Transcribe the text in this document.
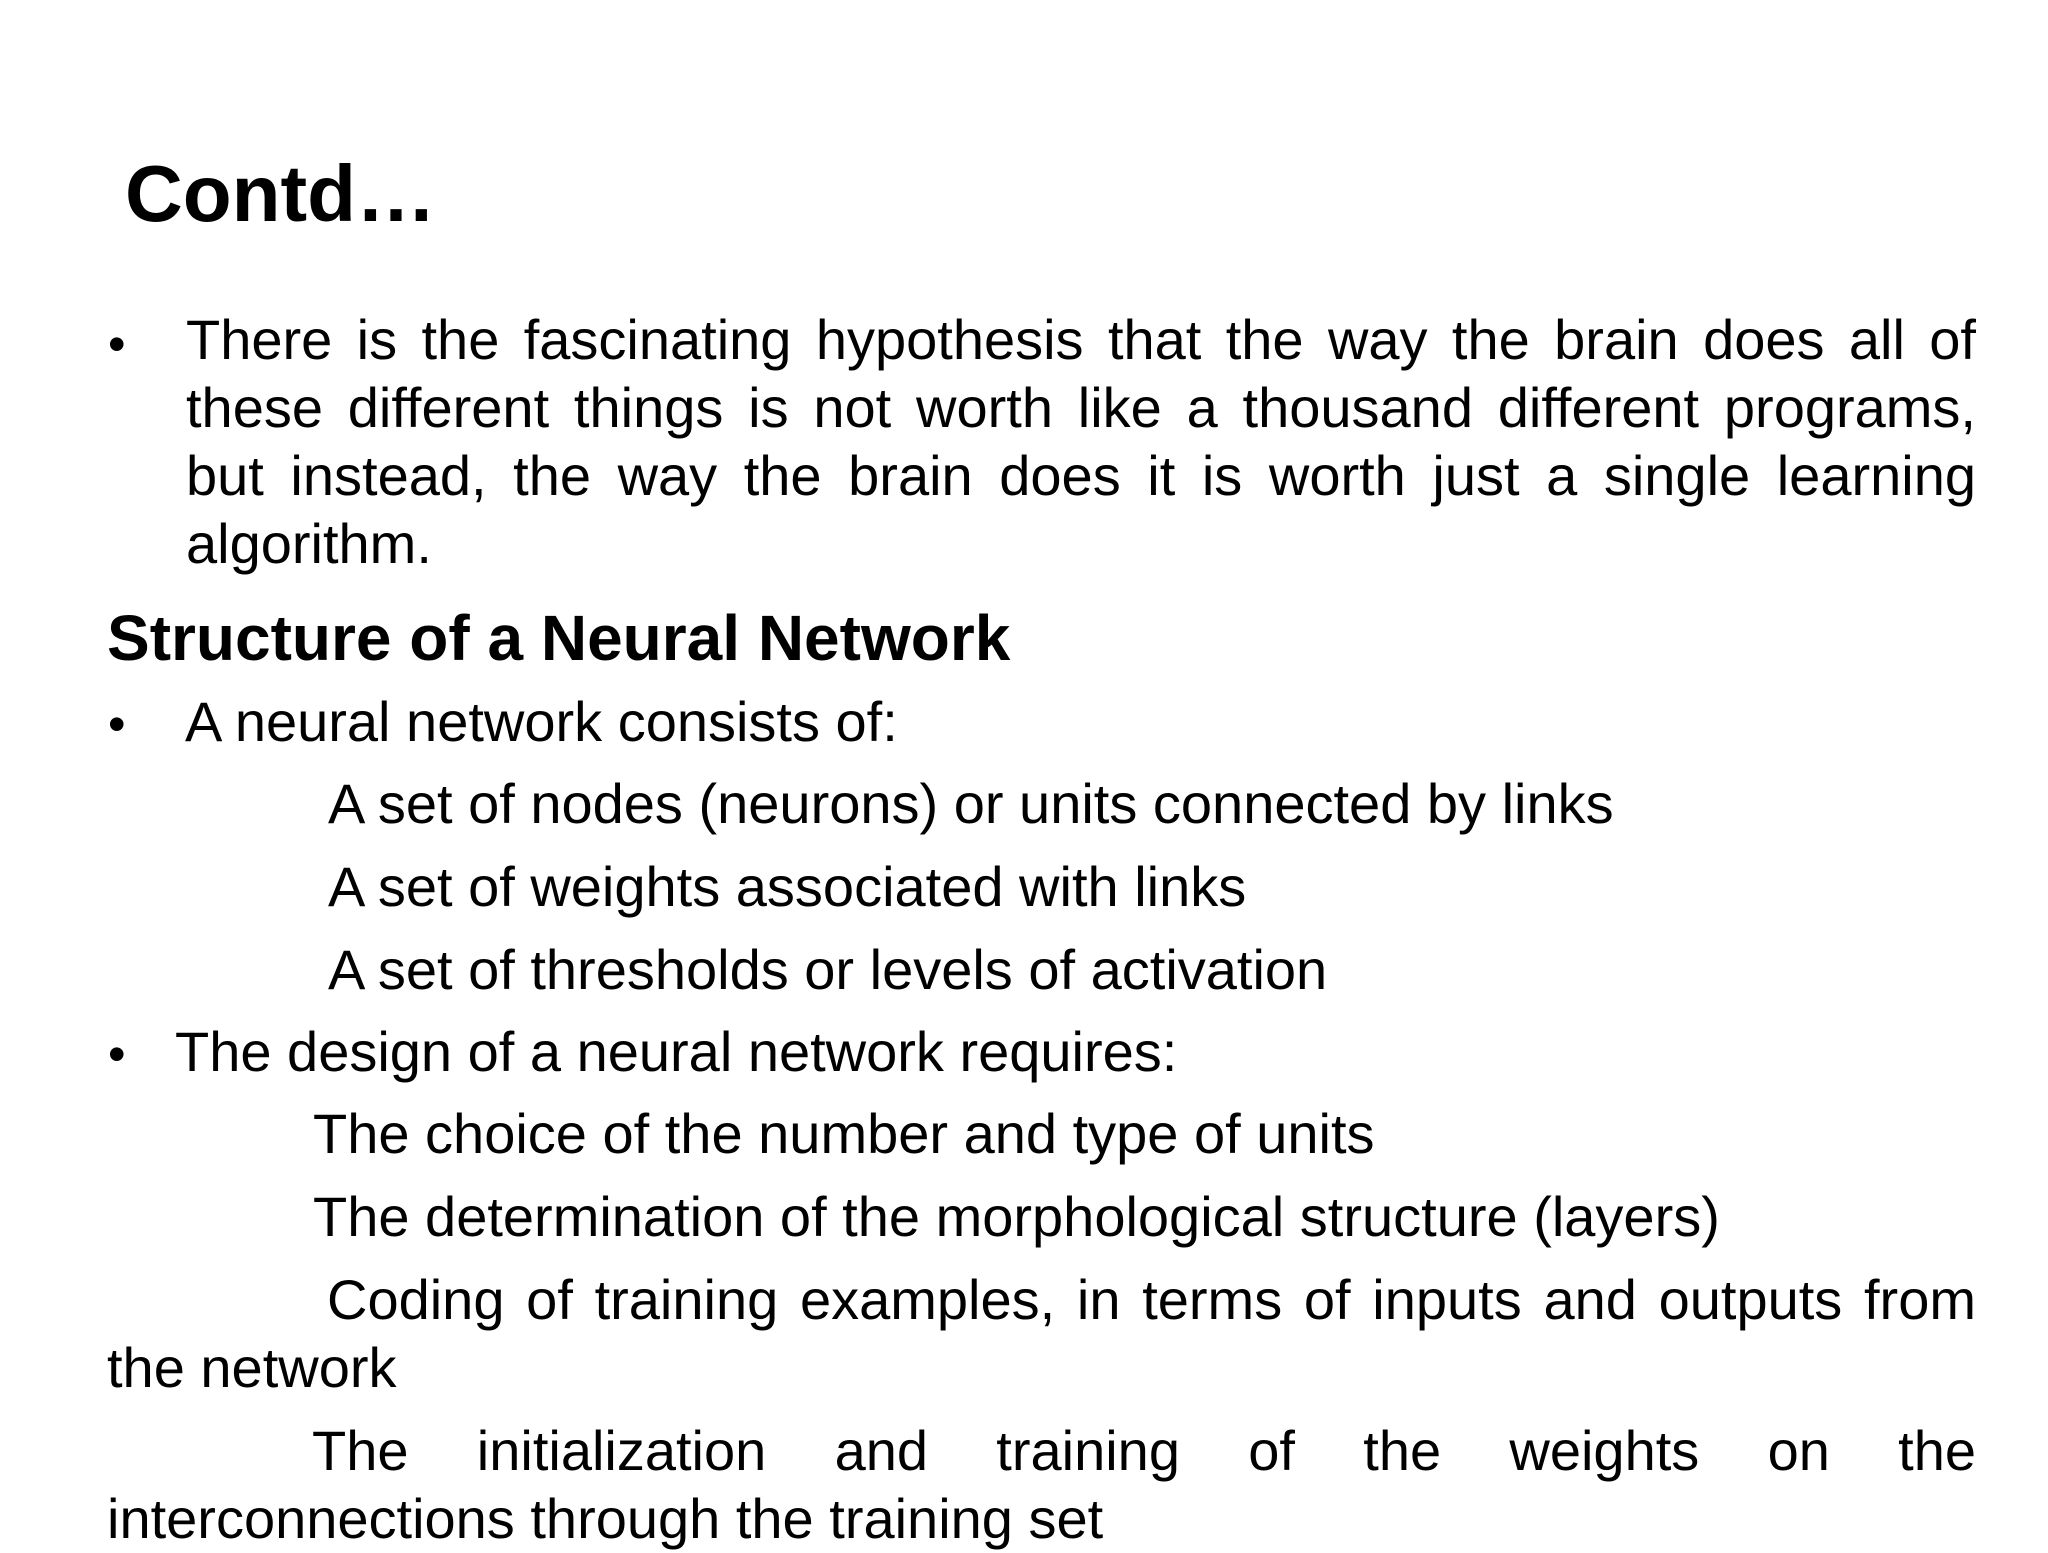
Contd…
• There is the fascinating hypothesis that the way the brain does all of these different things is not worth like a thousand different programs, but instead, the way the brain does it is worth just a single learning algorithm.

Structure of a Neural Network
• A neural network consists of:

A set of nodes (neurons) or units connected by links

A set of weights associated with links

A set of thresholds or levels of activation

• The design of a neural network requires:

The choice of the number and type of units

The determination of the morphological structure (layers)

Coding of training examples, in terms of inputs and outputs from the network

The initialization and training of the weights on the interconnections through the training set
